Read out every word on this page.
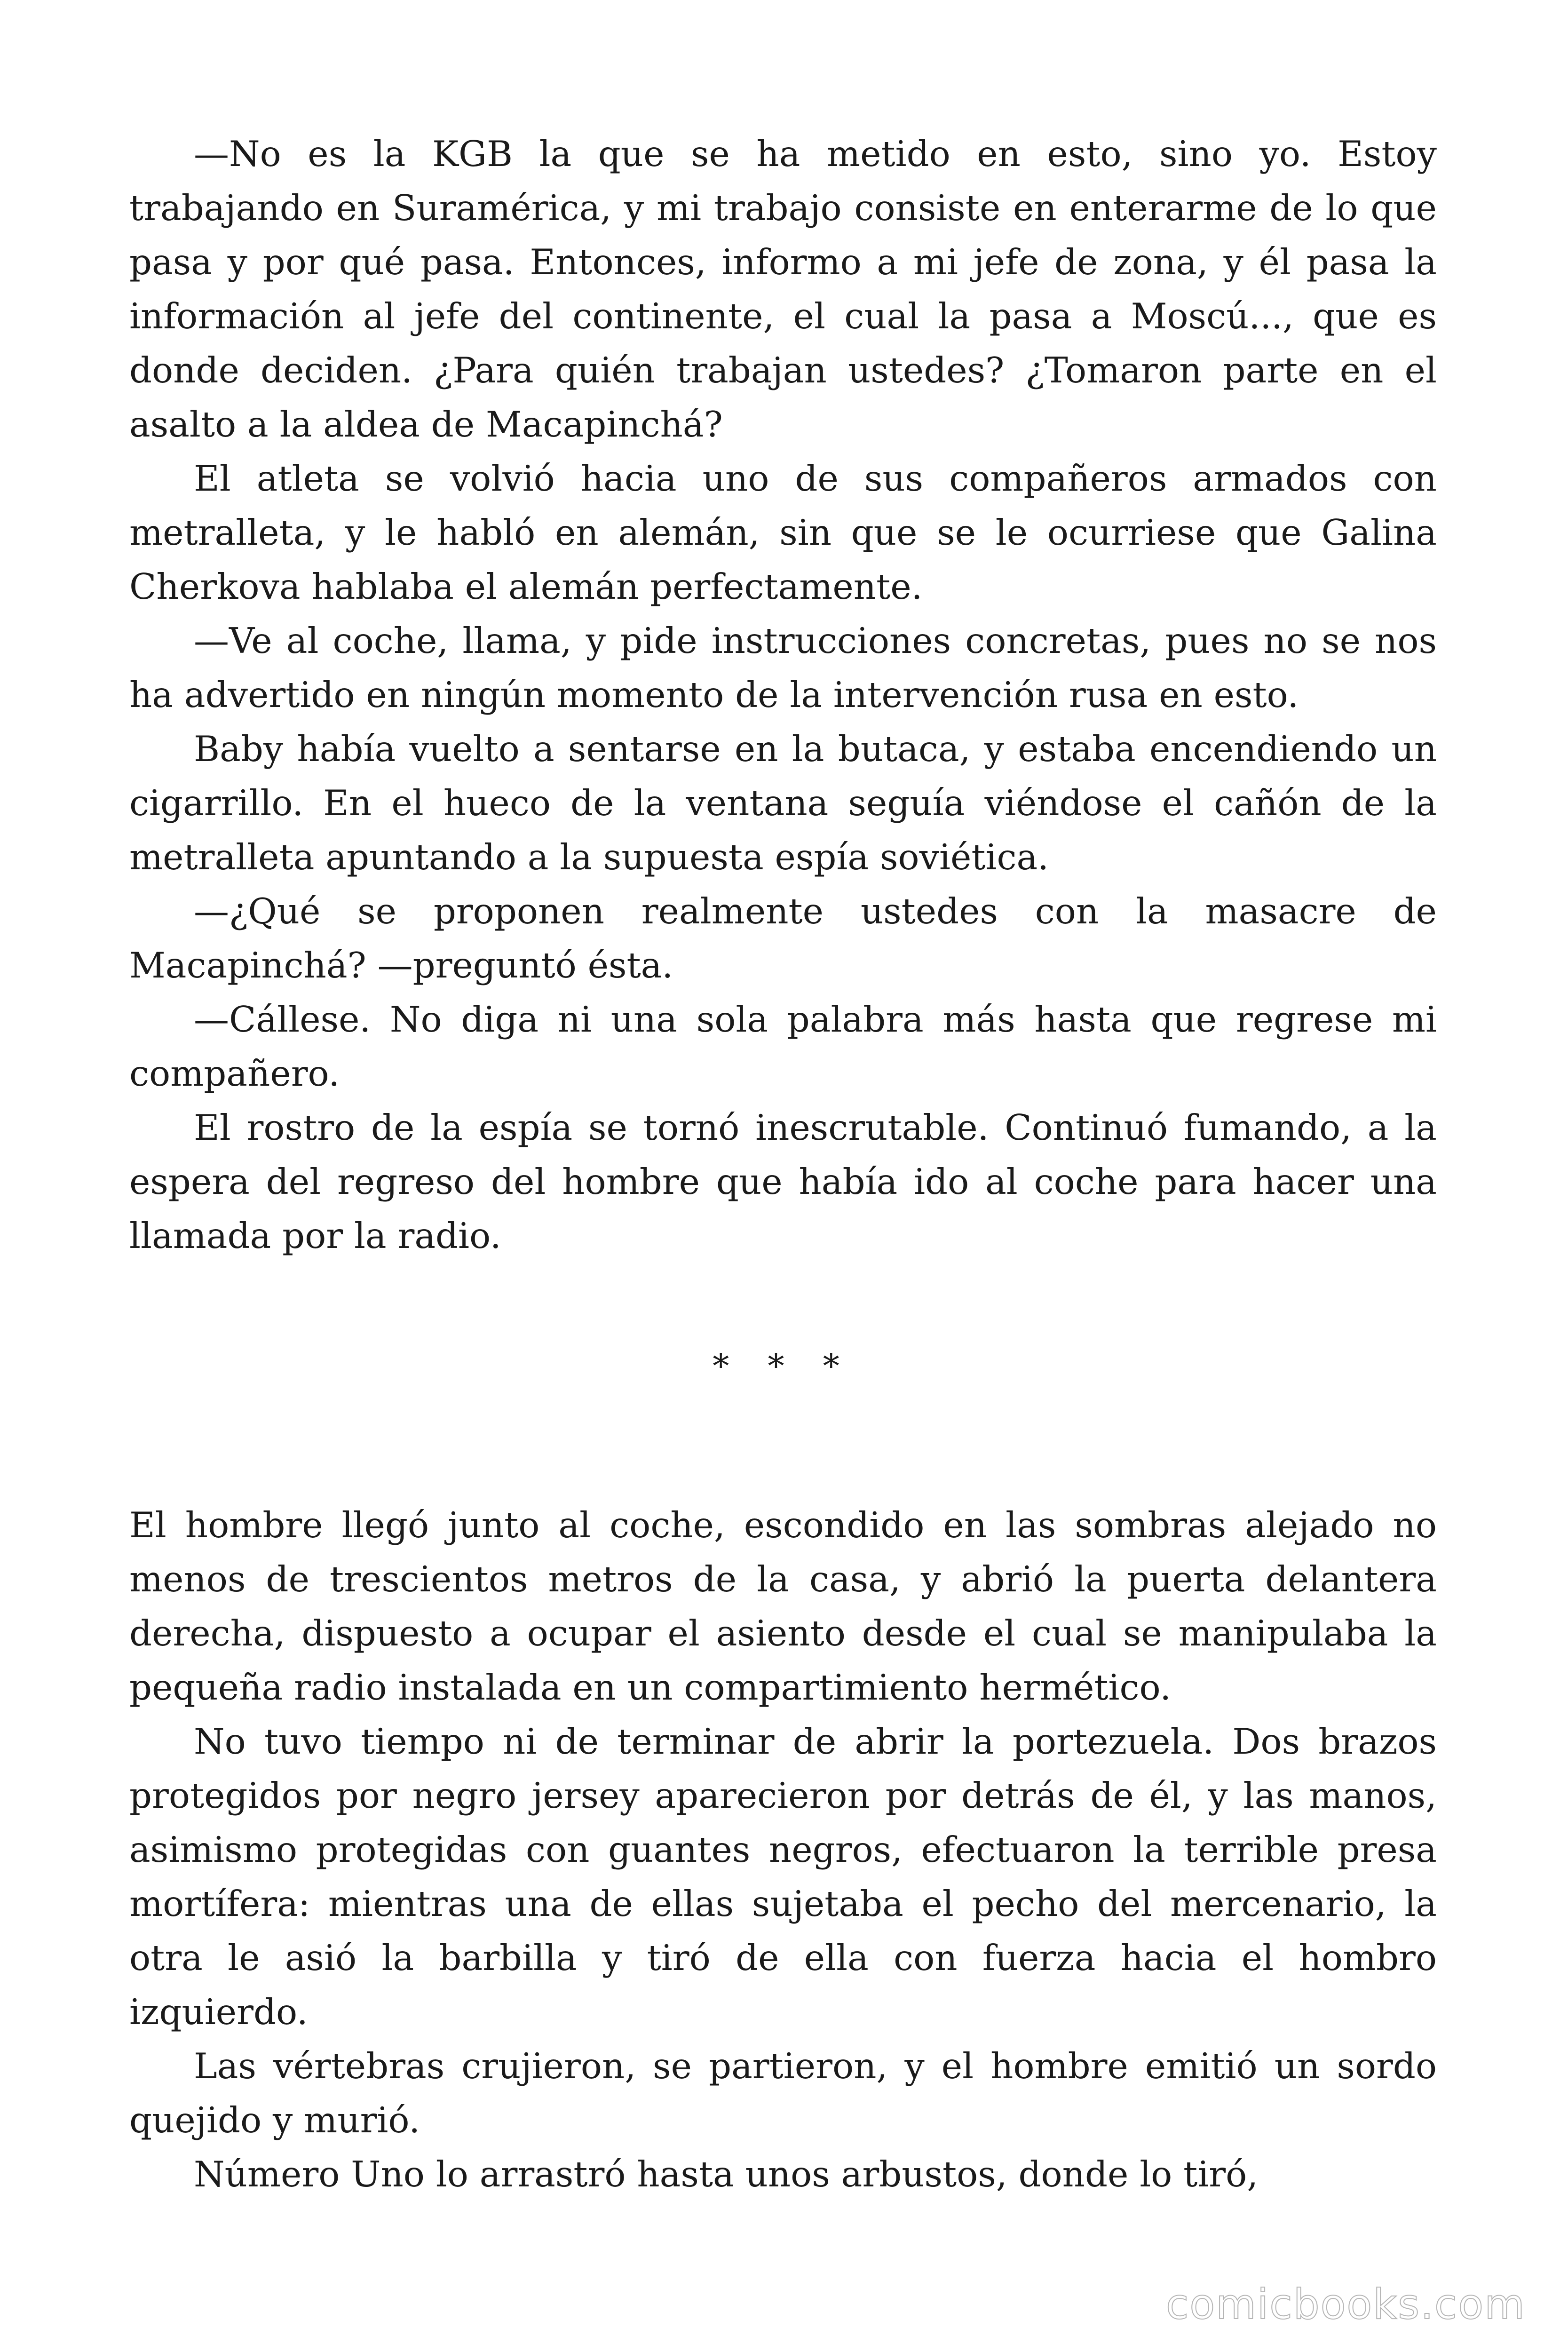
—No es la KGB la que se ha metido en esto, sino yo. Estoy trabajando en Suramérica, y mi trabajo consiste en enterarme de lo que pasa y por qué pasa. Entonces, informo a mi jefe de zona, y él pasa la información al jefe del continente, el cual la pasa a Moscú..., que es donde deciden. ¿Para quién trabajan ustedes? ¿Tomaron parte en el asalto a la aldea de Macapinchá?

El atleta se volvió hacia uno de sus compañeros armados con metralleta, y le habló en alemán, sin que se le ocurriese que Galina Cherkova hablaba el alemán perfectamente.

—Ve al coche, llama, y pide instrucciones concretas, pues no se nos ha advertido en ningún momento de la intervención rusa en esto.

Baby había vuelto a sentarse en la butaca, y estaba encendiendo un cigarrillo. En el hueco de la ventana seguía viéndose el cañón de la metralleta apuntando a la supuesta espía soviética.

—¿Qué se proponen realmente ustedes con la masacre de Macapinchá? —preguntó ésta.

—Cállese. No diga ni una sola palabra más hasta que regrese mi compañero.

El rostro de la espía se tornó inescrutable. Continuó fumando, a la espera del regreso del hombre que había ido al coche para hacer una llamada por la radio.

* * *

El hombre llegó junto al coche, escondido en las sombras alejado no menos de trescientos metros de la casa, y abrió la puerta delantera derecha, dispuesto a ocupar el asiento desde el cual se manipulaba la pequeña radio instalada en un compartimiento hermético.

No tuvo tiempo ni de terminar de abrir la portezuela. Dos brazos protegidos por negro jersey aparecieron por detrás de él, y las manos, asimismo protegidas con guantes negros, efectuaron la terrible presa mortífera: mientras una de ellas sujetaba el pecho del mercenario, la otra le asió la barbilla y tiró de ella con fuerza hacia el hombro izquierdo.

Las vértebras crujieron, se partieron, y el hombre emitió un sordo quejido y murió.

Número Uno lo arrastró hasta unos arbustos, donde lo tiró,

comicbooks.com
